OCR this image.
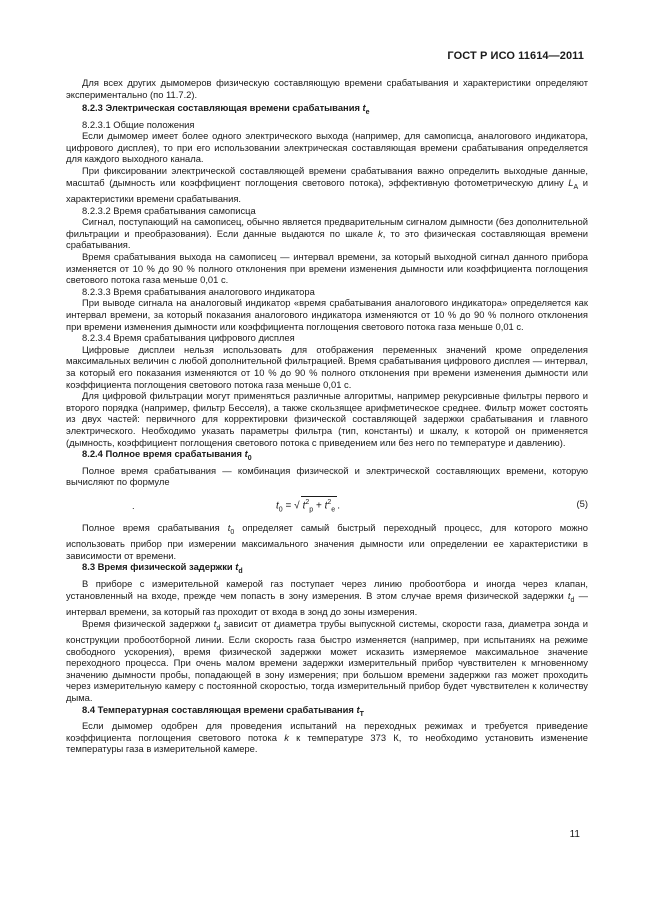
ГОСТ Р ИСО 11614—2011

Для всех других дымомеров физическую составляющую времени срабатывания и характеристики определяют экспериментально (по 11.7.2).

8.2.3 Электрическая составляющая времени срабатывания $t_e$

8.2.3.1 Общие положения

Если дымомер имеет более одного электрического выхода (например, для самописца, аналогового индикатора, цифрового дисплея), то при его использовании электрическая составляющая времени срабатывания определяется для каждого выходного канала.

При фиксировании электрической составляющей времени срабатывания важно определить выходные данные, масштаб (дымность или коэффициент поглощения светового потока), эффективную фотометрическую длину $L_A$ и характеристики времени срабатывания.

8.2.3.2 Время срабатывания самописца

Сигнал, поступающий на самописец, обычно является предварительным сигналом дымности (без дополнительной фильтрации и преобразования). Если данные выдаются по шкале k, то это физическая составляющая времени срабатывания.

Время срабатывания выхода на самописец — интервал времени, за который выходной сигнал данного прибора изменяется от 10 % до 90 % полного отклонения при времени изменения дымности или коэффициента поглощения светового потока газа меньше 0,01 с.

8.2.3.3 Время срабатывания аналогового индикатора

При выводе сигнала на аналоговый индикатор «время срабатывания аналогового индикатора» определяется как интервал времени, за который показания аналогового индикатора изменяются от 10 % до 90 % полного отклонения при времени изменения дымности или коэффициента поглощения светового потока газа меньше 0,01 с.

8.2.3.4 Время срабатывания цифрового дисплея

Цифровые дисплеи нельзя использовать для отображения переменных значений кроме определения максимальных величин с любой дополнительной фильтрацией. Время срабатывания цифрового дисплея — интервал, за который его показания изменяются от 10 % до 90 % полного отклонения при времени изменения дымности или коэффициента поглощения светового потока газа меньше 0,01 с.

Для цифровой фильтрации могут применяться различные алгоритмы, например рекурсивные фильтры первого и второго порядка (например, фильтр Бесселя), а также скользящее арифметическое среднее. Фильтр может состоять из двух частей: первичного для корректировки физической составляющей задержки срабатывания и главного электрического. Необходимо указать параметры фильтра (тип, константы) и шкалу, к которой он применяется (дымность, коэффициент поглощения светового потока с приведением или без него по температуре и давлению).

8.2.4 Полное время срабатывания $t_0$

Полное время срабатывания — комбинация физической и электрической составляющих времени, которую вычисляют по формуле

.	$t_0$ = √ $t^2_p + t^2_e$ .	(5)

Полное время срабатывания $t_0$ определяет самый быстрый переходный процесс, для которого можно использовать прибор при измерении максимального значения дымности или определении ее характеристики в зависимости от времени.

8.3 Время физической задержки $t_d$

В приборе с измерительной камерой газ поступает через линию пробоотбора и иногда через клапан, установленный на входе, прежде чем попасть в зону измерения. В этом случае время физической задержки $t_d$ — интервал времени, за который газ проходит от входа в зонд до зоны измерения.

Время физической задержки $t_d$ зависит от диаметра трубы выпускной системы, скорости газа, диаметра зонда и конструкции пробоотборной линии. Если скорость газа быстро изменяется (например, при испытаниях на режиме свободного ускорения), время физической задержки может исказить измеряемое максимальное значение переходного процесса. При очень малом времени задержки измерительный прибор чувствителен к мгновенному значению дымности пробы, попадающей в зону измерения; при большом времени задержки газ может проходить через измерительную камеру с постоянной скоростью, тогда измерительный прибор будет чувствителен к количеству дыма.

8.4 Температурная составляющая времени срабатывания $t_T$

Если дымомер одобрен для проведения испытаний на переходных режимах и требуется приведение коэффициента поглощения светового потока k к температуре 373 К, то необходимо установить изменение температуры газа в измерительной камере.

11
